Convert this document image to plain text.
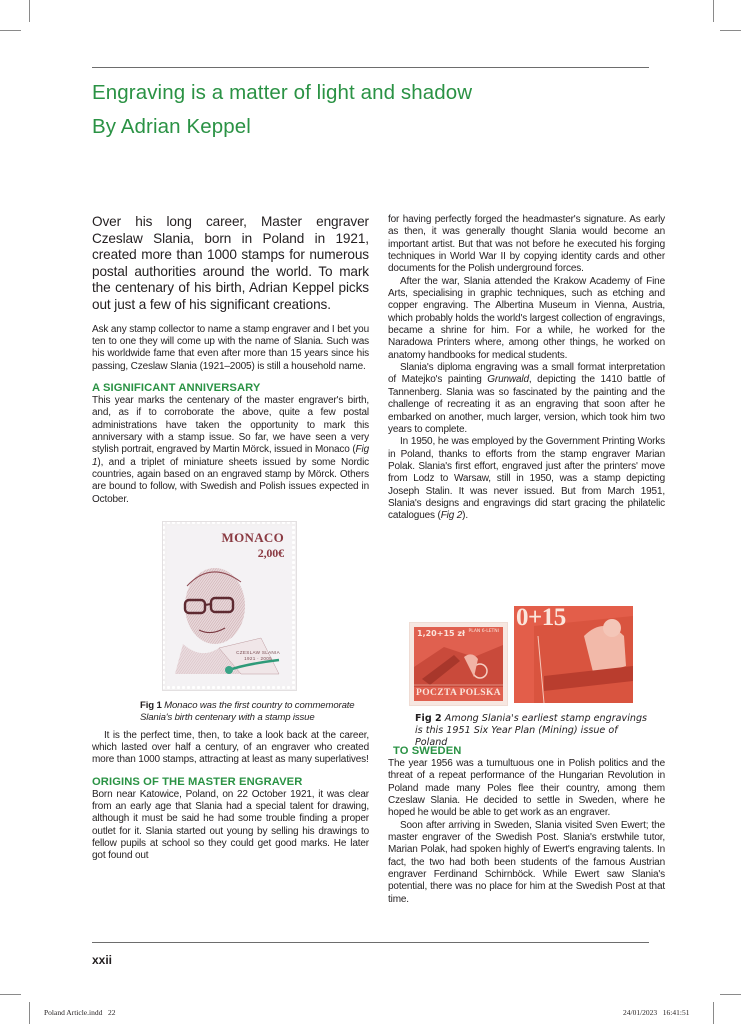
Engraving is a matter of light and shadow
By Adrian Keppel

Over his long career, Master engraver Czeslaw Slania, born in Poland in 1921, created more than 1000 stamps for numerous postal authorities around the world. To mark the centenary of his birth, Adrian Keppel picks out just a few of his significant creations.

Ask any stamp collector to name a stamp engraver and I bet you ten to one they will come up with the name of Slania. Such was his worldwide fame that even after more than 15 years since his passing, Czeslaw Slania (1921–2005) is still a household name.

A SIGNIFICANT ANNIVERSARY

This year marks the centenary of the master engraver's birth, and, as if to corroborate the above, quite a few postal administrations have taken the opportunity to mark this anniversary with a stamp issue. So far, we have seen a very stylish portrait, engraved by Martin Mörck, issued in Monaco (Fig 1), and a triplet of miniature sheets issued by some Nordic countries, again based on an engraved stamp by Mörck. Others are bound to follow, with Swedish and Polish issues expected in October.

MONACO
2,00€
CZESLAW SLANIA
1921 · 2005
Fig 1 Monaco was the first country to commemorate Slania's birth centenary with a stamp issue

It is the perfect time, then, to take a look back at the career, which lasted over half a century, of an engraver who created more than 1000 stamps, attracting at least as many superlatives!

ORIGINS OF THE MASTER ENGRAVER

Born near Katowice, Poland, on 22 October 1921, it was clear from an early age that Slania had a special talent for drawing, although it must be said he had some trouble finding a proper outlet for it. Slania started out young by selling his drawings to fellow pupils at school so they could get good marks. He later got found out

for having perfectly forged the headmaster's signature. As early as then, it was generally thought Slania would become an important artist. But that was not before he executed his forging techniques in World War II by copying identity cards and other documents for the Polish underground forces.

After the war, Slania attended the Krakow Academy of Fine Arts, specialising in graphic techniques, such as etching and copper engraving. The Albertina Museum in Vienna, Austria, which probably holds the world's largest collection of engravings, became a shrine for him. For a while, he worked for the Naradowa Printers where, among other things, he worked on anatomy handbooks for medical students.

Slania's diploma engraving was a small format interpretation of Matejko's painting Grunwald, depicting the 1410 battle of Tannenberg. Slania was so fascinated by the painting and the challenge of recreating it as an engraving that soon after he embarked on another, much larger, version, which took him two years to complete.

In 1950, he was employed by the Government Printing Works in Poland, thanks to efforts from the stamp engraver Marian Polak. Slania's first effort, engraved just after the printers' move from Lodz to Warsaw, still in 1950, was a stamp depicting Joseph Stalin. It was never issued. But from March 1951, Slania's designs and engravings did start gracing the philatelic catalogues (Fig 2).

1,20+15 zł PLAN 6-LETNI
POCZTA POLSKA
0+15
Fig 2 Among Slania's earliest stamp engravings is this 1951 Six Year Plan (Mining) issue of Poland

TO SWEDEN

The year 1956 was a tumultuous one in Polish politics and the threat of a repeat performance of the Hungarian Revolution in Poland made many Poles flee their country, among them Czeslaw Slania. He decided to settle in Sweden, where he hoped he would be able to get work as an engraver.

Soon after arriving in Sweden, Slania visited Sven Ewert; the master engraver of the Swedish Post. Slania's erstwhile tutor, Marian Polak, had spoken highly of Ewert's engraving talents. In fact, the two had both been students of the famous Austrian engraver Ferdinand Schirnböck. While Ewert saw Slania's potential, there was no place for him at the Swedish Post at that time.

xxii
Poland Article.indd   22	24/01/2023   16:41:51
